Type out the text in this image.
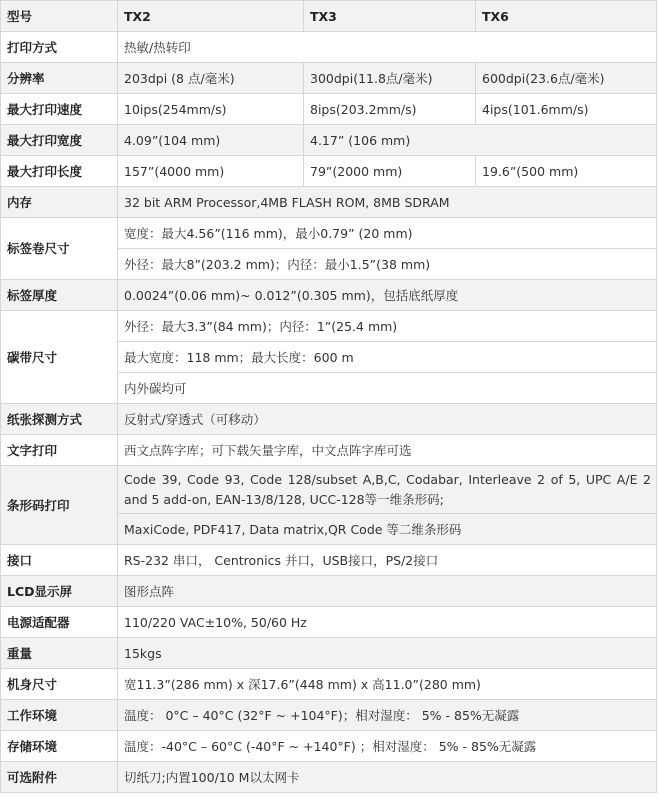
型号	TX2	TX3	TX6
打印方式	热敏/热转印		
分辨率	203dpi (8 点/毫米)	300dpi(11.8点/毫米)	600dpi(23.6点/毫米)
最大打印速度	10ips(254mm/s)	8ips(203.2mm/s)	4ips(101.6mm/s)
最大打印宽度	4.09”(104 mm)	4.17” (106 mm)	
最大打印长度	157”(4000 mm)	79”(2000 mm)	19.6”(500 mm)
内存	32 bit ARM Processor,4MB FLASH ROM, 8MB SDRAM		
标签卷尺寸	宽度：最大4.56”(116 mm)，最小0.79” (20 mm)		
	外径：最大8”(203.2 mm)；内径：最小1.5”(38 mm)		
标签厚度	0.0024”(0.06 mm)~ 0.012”(0.305 mm)，包括底纸厚度		
碳带尺寸	外径：最大3.3”(84 mm)；内径：1”(25.4 mm)		
	最大宽度：118 mm；最大长度：600 m		
	内外碳均可		
纸张探测方式	反射式/穿透式（可移动）		
文字打印	西文点阵字库；可下载矢量字库，中文点阵字库可选		
条形码打印	Code 39, Code 93, Code 128/subset A,B,C, Codabar, Interleave 2 of 5, UPC A/E 2 and 5 add-on, EAN-13/8/128, UCC-128等一维条形码;		
	MaxiCode, PDF417, Data matrix,QR Code 等二维条形码		
接口	RS-232 串口， Centronics 并口，USB接口，PS/2接口		
LCD显示屏	图形点阵		
电源适配器	110/220 VAC±10%, 50/60 Hz		
重量	15kgs		
机身尺寸	宽11.3”(286 mm) x 深17.6”(448 mm) x 高11.0”(280 mm)		
工作环境	温度： 0°C – 40°C (32°F ~ +104°F)；相对湿度： 5% - 85%无凝露		
存储环境	温度：-40°C – 60°C (-40°F ~ +140°F) ；相对湿度： 5% - 85%无凝露		
可选附件	切纸刀;内置100/10 M以太网卡		
